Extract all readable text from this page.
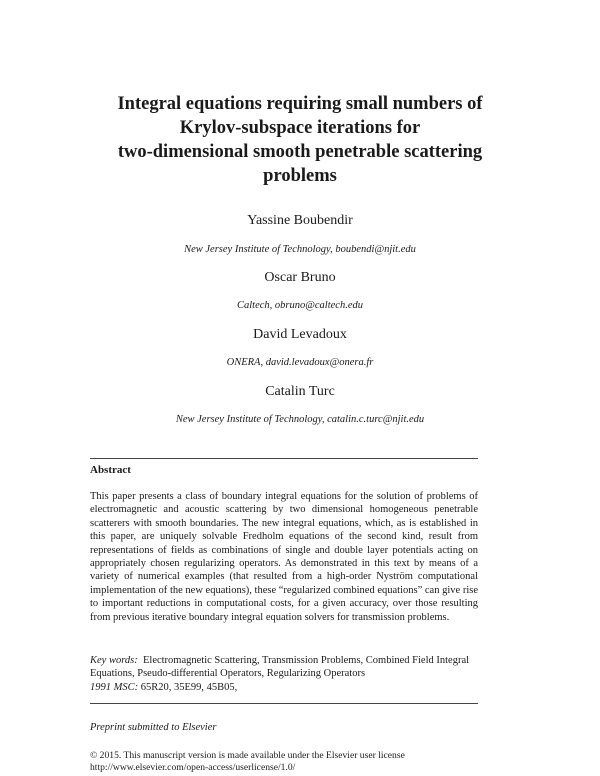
Integral equations requiring small numbers of
Krylov-subspace iterations for
two-dimensional smooth penetrable scattering
problems
Yassine Boubendir
New Jersey Institute of Technology, boubendi@njit.edu
Oscar Bruno
Caltech, obruno@caltech.edu
David Levadoux
ONERA, david.levadoux@onera.fr
Catalin Turc
New Jersey Institute of Technology, catalin.c.turc@njit.edu
Abstract
This paper presents a class of boundary integral equations for the solution of problems of electromagnetic and acoustic scattering by two dimensional homogeneous penetrable scatterers with smooth boundaries. The new integral equations, which, as is established in this paper, are uniquely solvable Fredholm equations of the second kind, result from representations of fields as combinations of single and double layer potentials acting on appropriately chosen regularizing operators. As demonstrated in this text by means of a variety of numerical examples (that resulted from a high-order Nyström computational implementation of the new equations), these “regularized combined equations” can give rise to important reductions in computational costs, for a given accuracy, over those resulting from previous iterative boundary integral equation solvers for transmission problems.
Key words: Electromagnetic Scattering, Transmission Problems, Combined Field Integral Equations, Pseudo-differential Operators, Regularizing Operators
1991 MSC: 65R20, 35E99, 45B05,
Preprint submitted to Elsevier
© 2015. This manuscript version is made available under the Elsevier user license
http://www.elsevier.com/open-access/userlicense/1.0/
